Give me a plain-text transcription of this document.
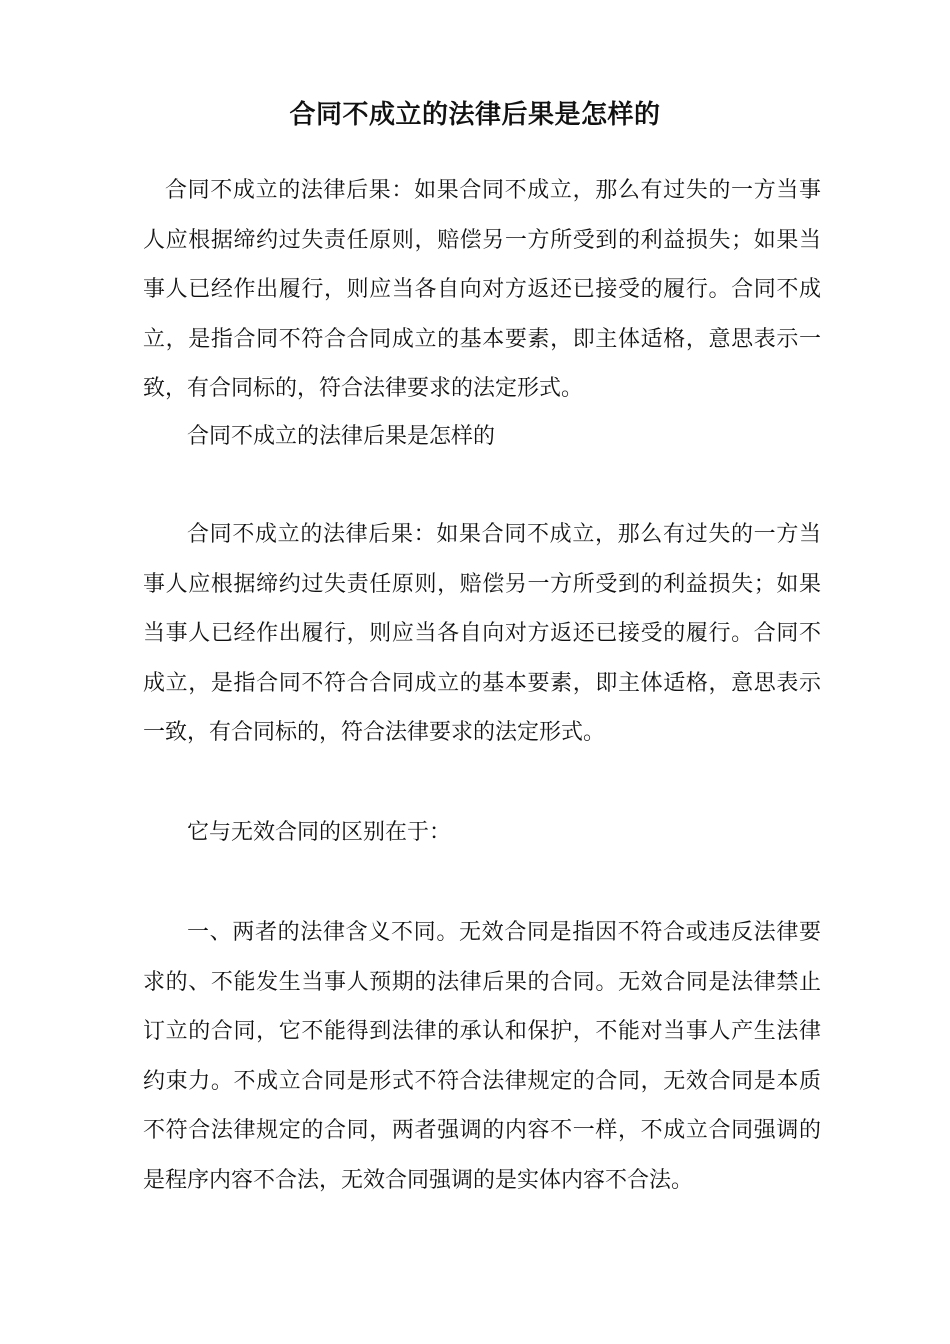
合同不成立的法律后果是怎样的

合同不成立的法律后果：如果合同不成立，那么有过失的一方当事人应根据缔约过失责任原则，赔偿另一方所受到的利益损失；如果当事人已经作出履行，则应当各自向对方返还已接受的履行。合同不成立，是指合同不符合合同成立的基本要素，即主体适格，意思表示一致，有合同标的，符合法律要求的法定形式。

合同不成立的法律后果是怎样的

合同不成立的法律后果：如果合同不成立，那么有过失的一方当事人应根据缔约过失责任原则，赔偿另一方所受到的利益损失；如果当事人已经作出履行，则应当各自向对方返还已接受的履行。合同不成立，是指合同不符合合同成立的基本要素，即主体适格，意思表示一致，有合同标的，符合法律要求的法定形式。

它与无效合同的区别在于：

一、两者的法律含义不同。无效合同是指因不符合或违反法律要求的、不能发生当事人预期的法律后果的合同。无效合同是法律禁止订立的合同，它不能得到法律的承认和保护，不能对当事人产生法律约束力。不成立合同是形式不符合法律规定的合同，无效合同是本质不符合法律规定的合同，两者强调的内容不一样，不成立合同强调的是程序内容不合法，无效合同强调的是实体内容不合法。
